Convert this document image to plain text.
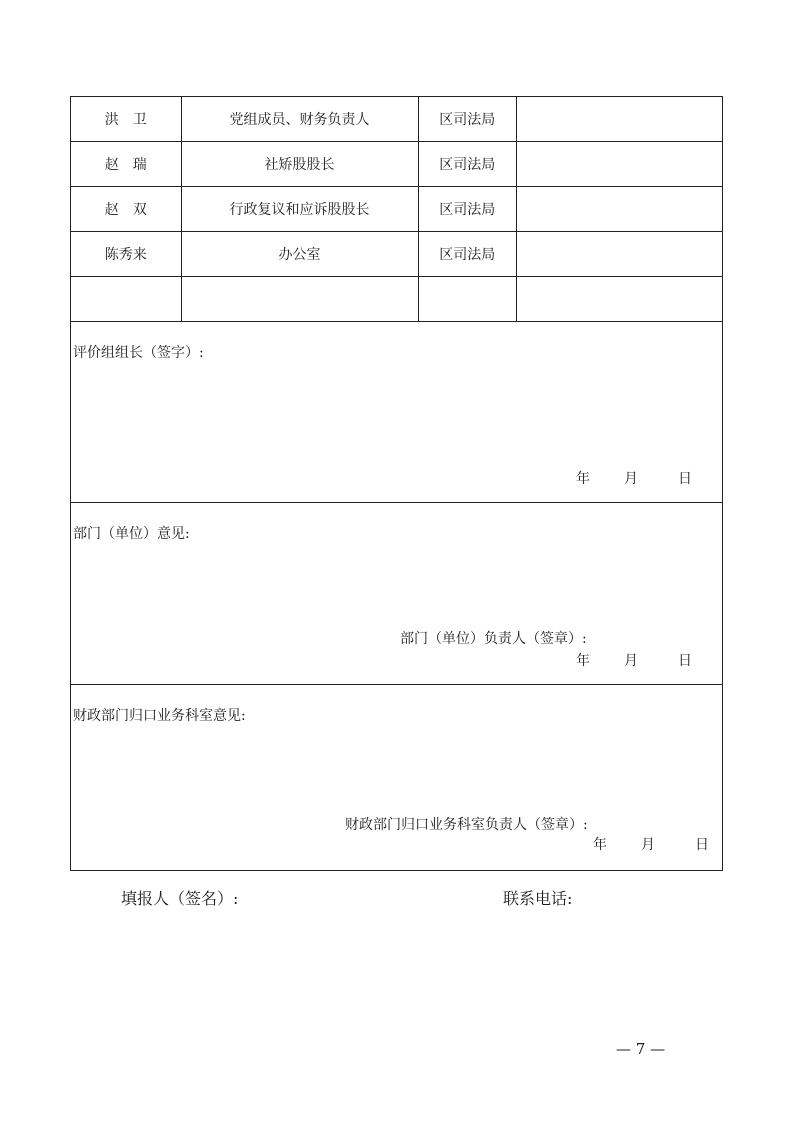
洪　卫	党组成员、财务负责人	区司法局	
赵　瑞	社矫股股长	区司法局	
赵　双	行政复议和应诉股股长	区司法局	
陈秀来	办公室	区司法局	

评价组组长（签字）:
年 月 日			

部门（单位）意见:
部门（单位）负责人（签章）:
年 月 日			

财政部门归口业务科室意见:
财政部门归口业务科室负责人（签章）:
年 月 日			
填报人（签名）:	联系电话:
— 7 —
